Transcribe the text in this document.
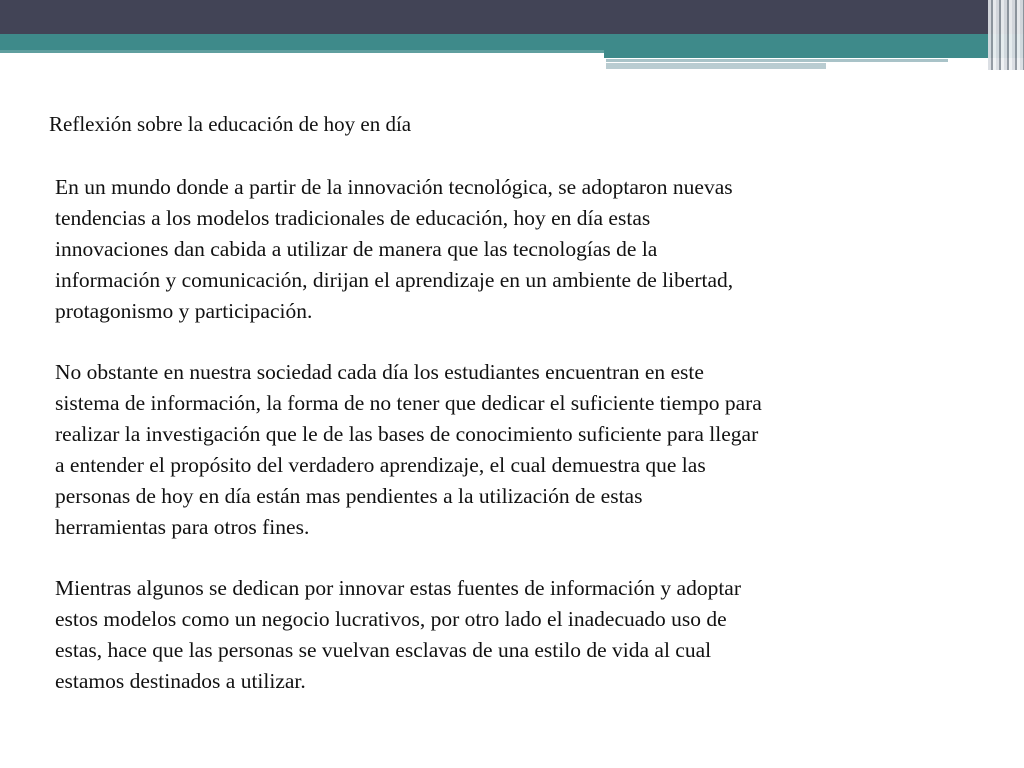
Reflexión sobre la educación de hoy en día

En un mundo donde a partir de la innovación tecnológica, se adoptaron nuevas
tendencias a los modelos tradicionales de educación, hoy en día estas
innovaciones dan cabida a utilizar de manera que las tecnologías de la
información y comunicación, dirijan el aprendizaje en un ambiente de libertad,
protagonismo y participación.

No obstante en nuestra sociedad cada día los estudiantes encuentran en este
sistema de información, la forma de no tener que dedicar el suficiente tiempo para
realizar la investigación que le de las bases de conocimiento suficiente para llegar
a entender el propósito del verdadero aprendizaje, el cual demuestra que las
personas de hoy en día están mas pendientes a la utilización de estas
herramientas para otros fines.

Mientras algunos se dedican por innovar estas fuentes de información y adoptar
estos modelos como un negocio lucrativos, por otro lado el inadecuado uso de
estas, hace que las personas se vuelvan esclavas de una estilo de vida al cual
estamos destinados a utilizar.
